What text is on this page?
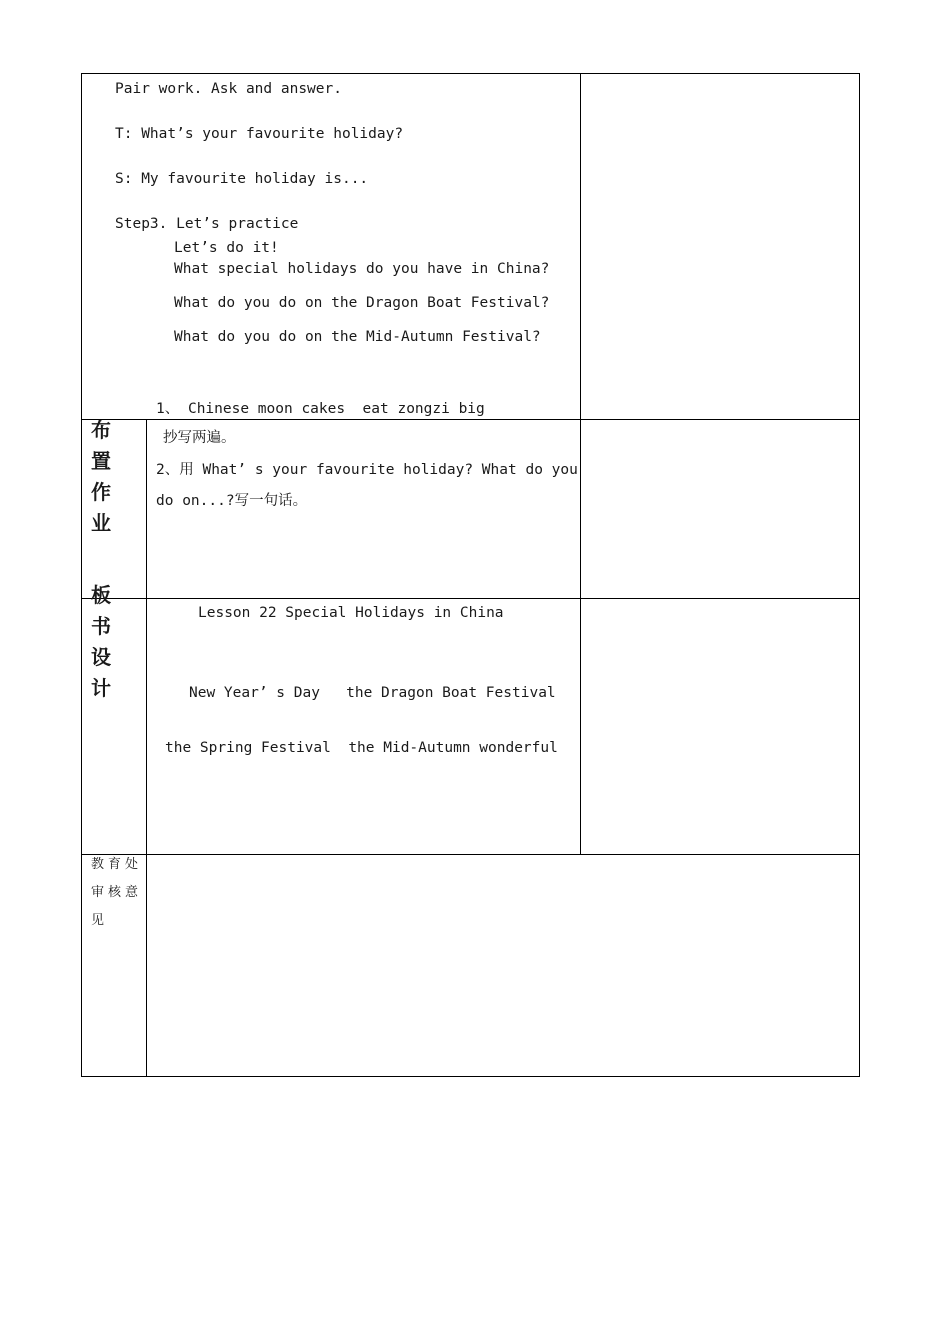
Pair work. Ask and answer.
T: What’s your favourite holiday?
S: My favourite holiday is...
Step3. Let’s practice
Let’s do it!
What special holidays do you have in China?
What do you do on the Dragon Boat Festival?
What do you do on the Mid-Autumn Festival?
1、 Chinese moon cakes  eat zongzi big
布
置
作
业
抄写两遍。
2、用 What’ s your favourite holiday? What do you
do on...?写一句话。
板
书
设
计
Lesson 22 Special Holidays in China
New Year’ s Day   the Dragon Boat Festival
the Spring Festival  the Mid-Autumn wonderful
教育处
审核意
见
